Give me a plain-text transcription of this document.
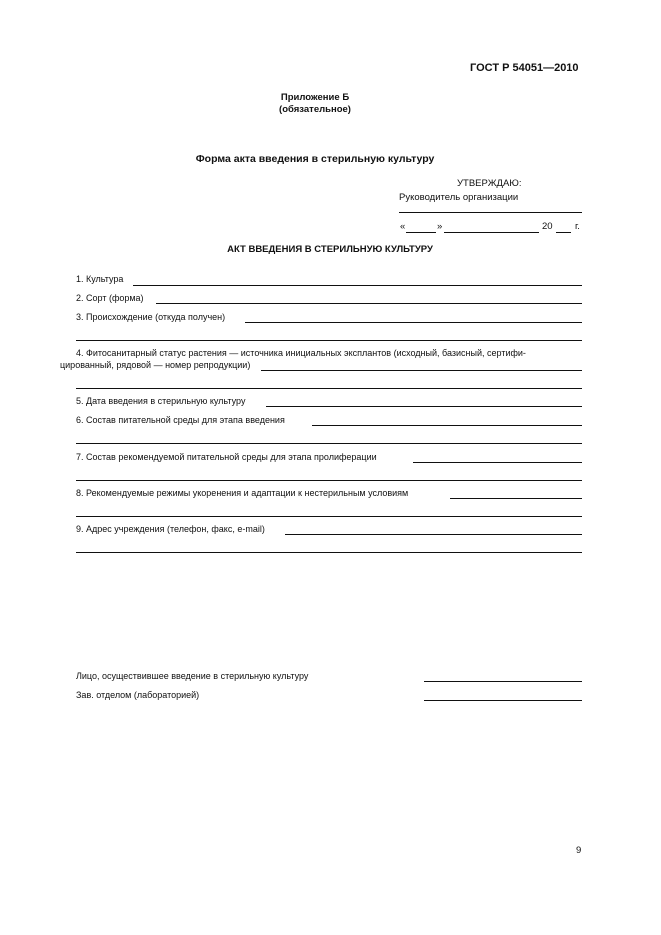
ГОСТ Р 54051—2010
Приложение Б
(обязательное)
Форма акта введения в стерильную культуру
УТВЕРЖДАЮ:
Руководитель организации
«	»	20 г.
АКТ ВВЕДЕНИЯ В СТЕРИЛЬНУЮ КУЛЬТУРУ
1. Культура
2. Сорт (форма)
3. Происхождение (откуда получен)
4. Фитосанитарный статус растения — источника инициальных эксплантов (исходный, базисный, сертифи-
цированный, рядовой — номер репродукции)
5. Дата введения в стерильную культуру
6. Состав питательной среды для этапа введения
7. Состав рекомендуемой питательной среды для этапа пролиферации
8. Рекомендуемые режимы укоренения и адаптации к нестерильным условиям
9. Адрес учреждения (телефон, факс, e-mail)
Лицо, осуществившее введение в стерильную культуру
Зав. отделом (лабораторией)
9
